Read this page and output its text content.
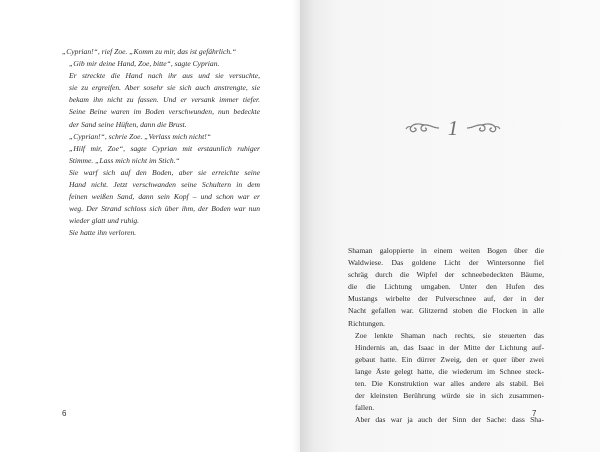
„Cyprian!“, rief Zoe. „Komm zu mir, das ist gefährlich.“

„Gib mir deine Hand, Zoe, bitte“, sagte Cyprian.

Er streckte die Hand nach ihr aus und sie versuchte,
sie zu ergreifen. Aber sosehr sie sich auch anstrengte, sie
bekam ihn nicht zu fassen. Und er versank immer tiefer.
Seine Beine waren im Boden verschwunden, nun bedeckte
der Sand seine Hüften, dann die Brust.

„Cyprian!“, schrie Zoe. „Verlass mich nicht!“

„Hilf mir, Zoe“, sagte Cyprian mit erstaunlich ruhiger
Stimme. „Lass mich nicht im Stich.“

Sie warf sich auf den Boden, aber sie erreichte seine
Hand nicht. Jetzt verschwanden seine Schultern in dem
feinen weißen Sand, dann sein Kopf – und schon war er
weg. Der Strand schloss sich über ihm, der Boden war nun
wieder glatt und ruhig.

Sie hatte ihn verloren.

6
1
7

Shaman galoppierte in einem weiten Bogen über die
Waldwiese. Das goldene Licht der Wintersonne fiel
schräg durch die Wipfel der schneebedeckten Bäume,
die die Lichtung umgaben. Unter den Hufen des
Mustangs wirbelte der Pulverschnee auf, der in der
Nacht gefallen war. Glitzernd stoben die Flocken in alle
Richtungen.

Zoe lenkte Shaman nach rechts, sie steuerten das
Hindernis an, das Isaac in der Mitte der Lichtung auf-
gebaut hatte. Ein dürrer Zweig, den er quer über zwei
lange Äste gelegt hatte, die wiederum im Schnee steck-
ten. Die Konstruktion war alles andere als stabil. Bei
der kleinsten Berührung würde sie in sich zusammen-
fallen.

Aber das war ja auch der Sinn der Sache: dass Sha-
